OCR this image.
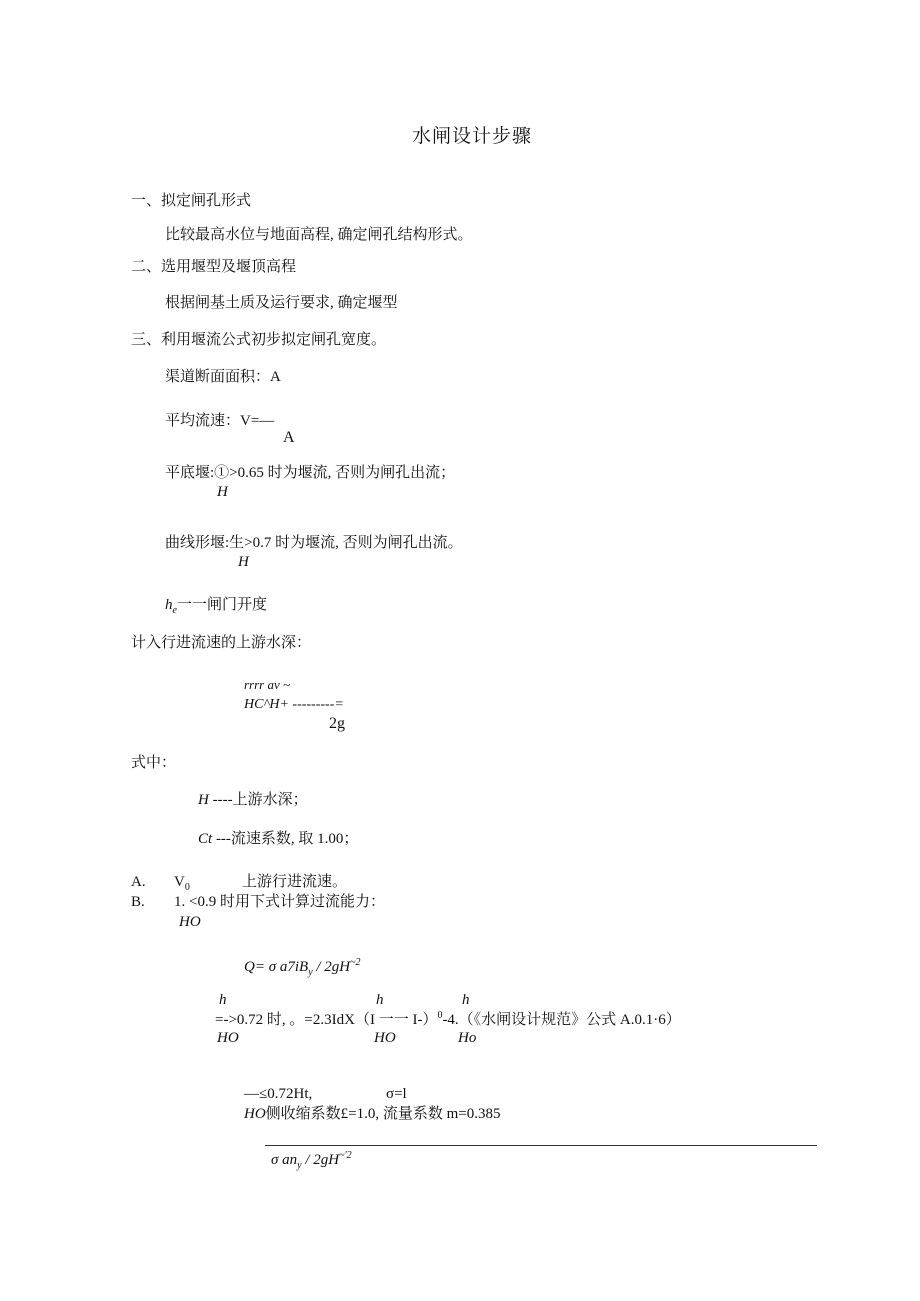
水闸设计步骤
一、拟定闸孔形式
比较最高水位与地面高程, 确定闸孔结构形式。
二、选用堰型及堰顶高程
根据闸基土质及运行要求, 确定堰型
三、利用堰流公式初步拟定闸孔宽度。
渠道断面面积：A
平均流速：V=—
A
平底堰:①>0.65 时为堰流, 否则为闸孔出流；
H
曲线形堰:生>0.7 时为堰流, 否则为闸孔出流。
H
$h_e$一一闸门开度
计入行进流速的上游水深：
rrrr av ~
HC^H+ ---------=
2g
式中：
H ----上游水深；
Ct ---流速系数, 取 1.00；
A. $V_0$	上游行进流速。
B. 1. <0.9 时用下式计算过流能力：
HO
Q= σ $a7iB_y / 2gH^{\sim 2}$
h	h	h
=->0.72 时, 。=2.3IdX（I 一一 I-）$^0$-4.（《水闸设计规范》公式 A.0.1·6）
HO	HO	Ho
—≤0.72Ht,	σ=l
HO侧收缩系数£=1.0, 流量系数 m=0.385
σ $an_y / 2gH^{\sim'2}$
